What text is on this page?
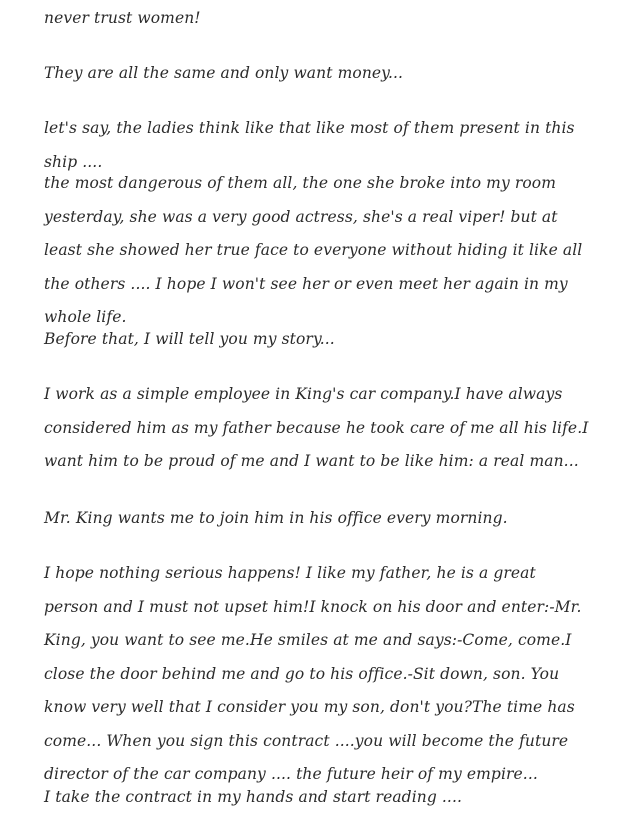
never trust women!

They are all the same and only want money...

let's say, the ladies think like that like most of them present in this ship ....

the most dangerous of them all, the one she broke into my room yesterday, she was a very good actress, she's a real viper! but at least she showed her true face to everyone without hiding it like all the others .... I hope I won't see her or even meet her again in my whole life.

Before that, I will tell you my story...

I work as a simple employee in King's car company.I have always considered him as my father because he took care of me all his life.I want him to be proud of me and I want to be like him: a real man...

Mr. King wants me to join him in his office every morning.

I hope nothing serious happens! I like my father, he is a great person and I must not upset him!I knock on his door and enter:-Mr. King, you want to see me.He smiles at me and says:-Come, come.I close the door behind me and go to his office.-Sit down, son. You know very well that I consider you my son, don't you?The time has come... When you sign this contract ....you will become the future director of the car company .... the future heir of my empire...

I take the contract in my hands and start reading ....
